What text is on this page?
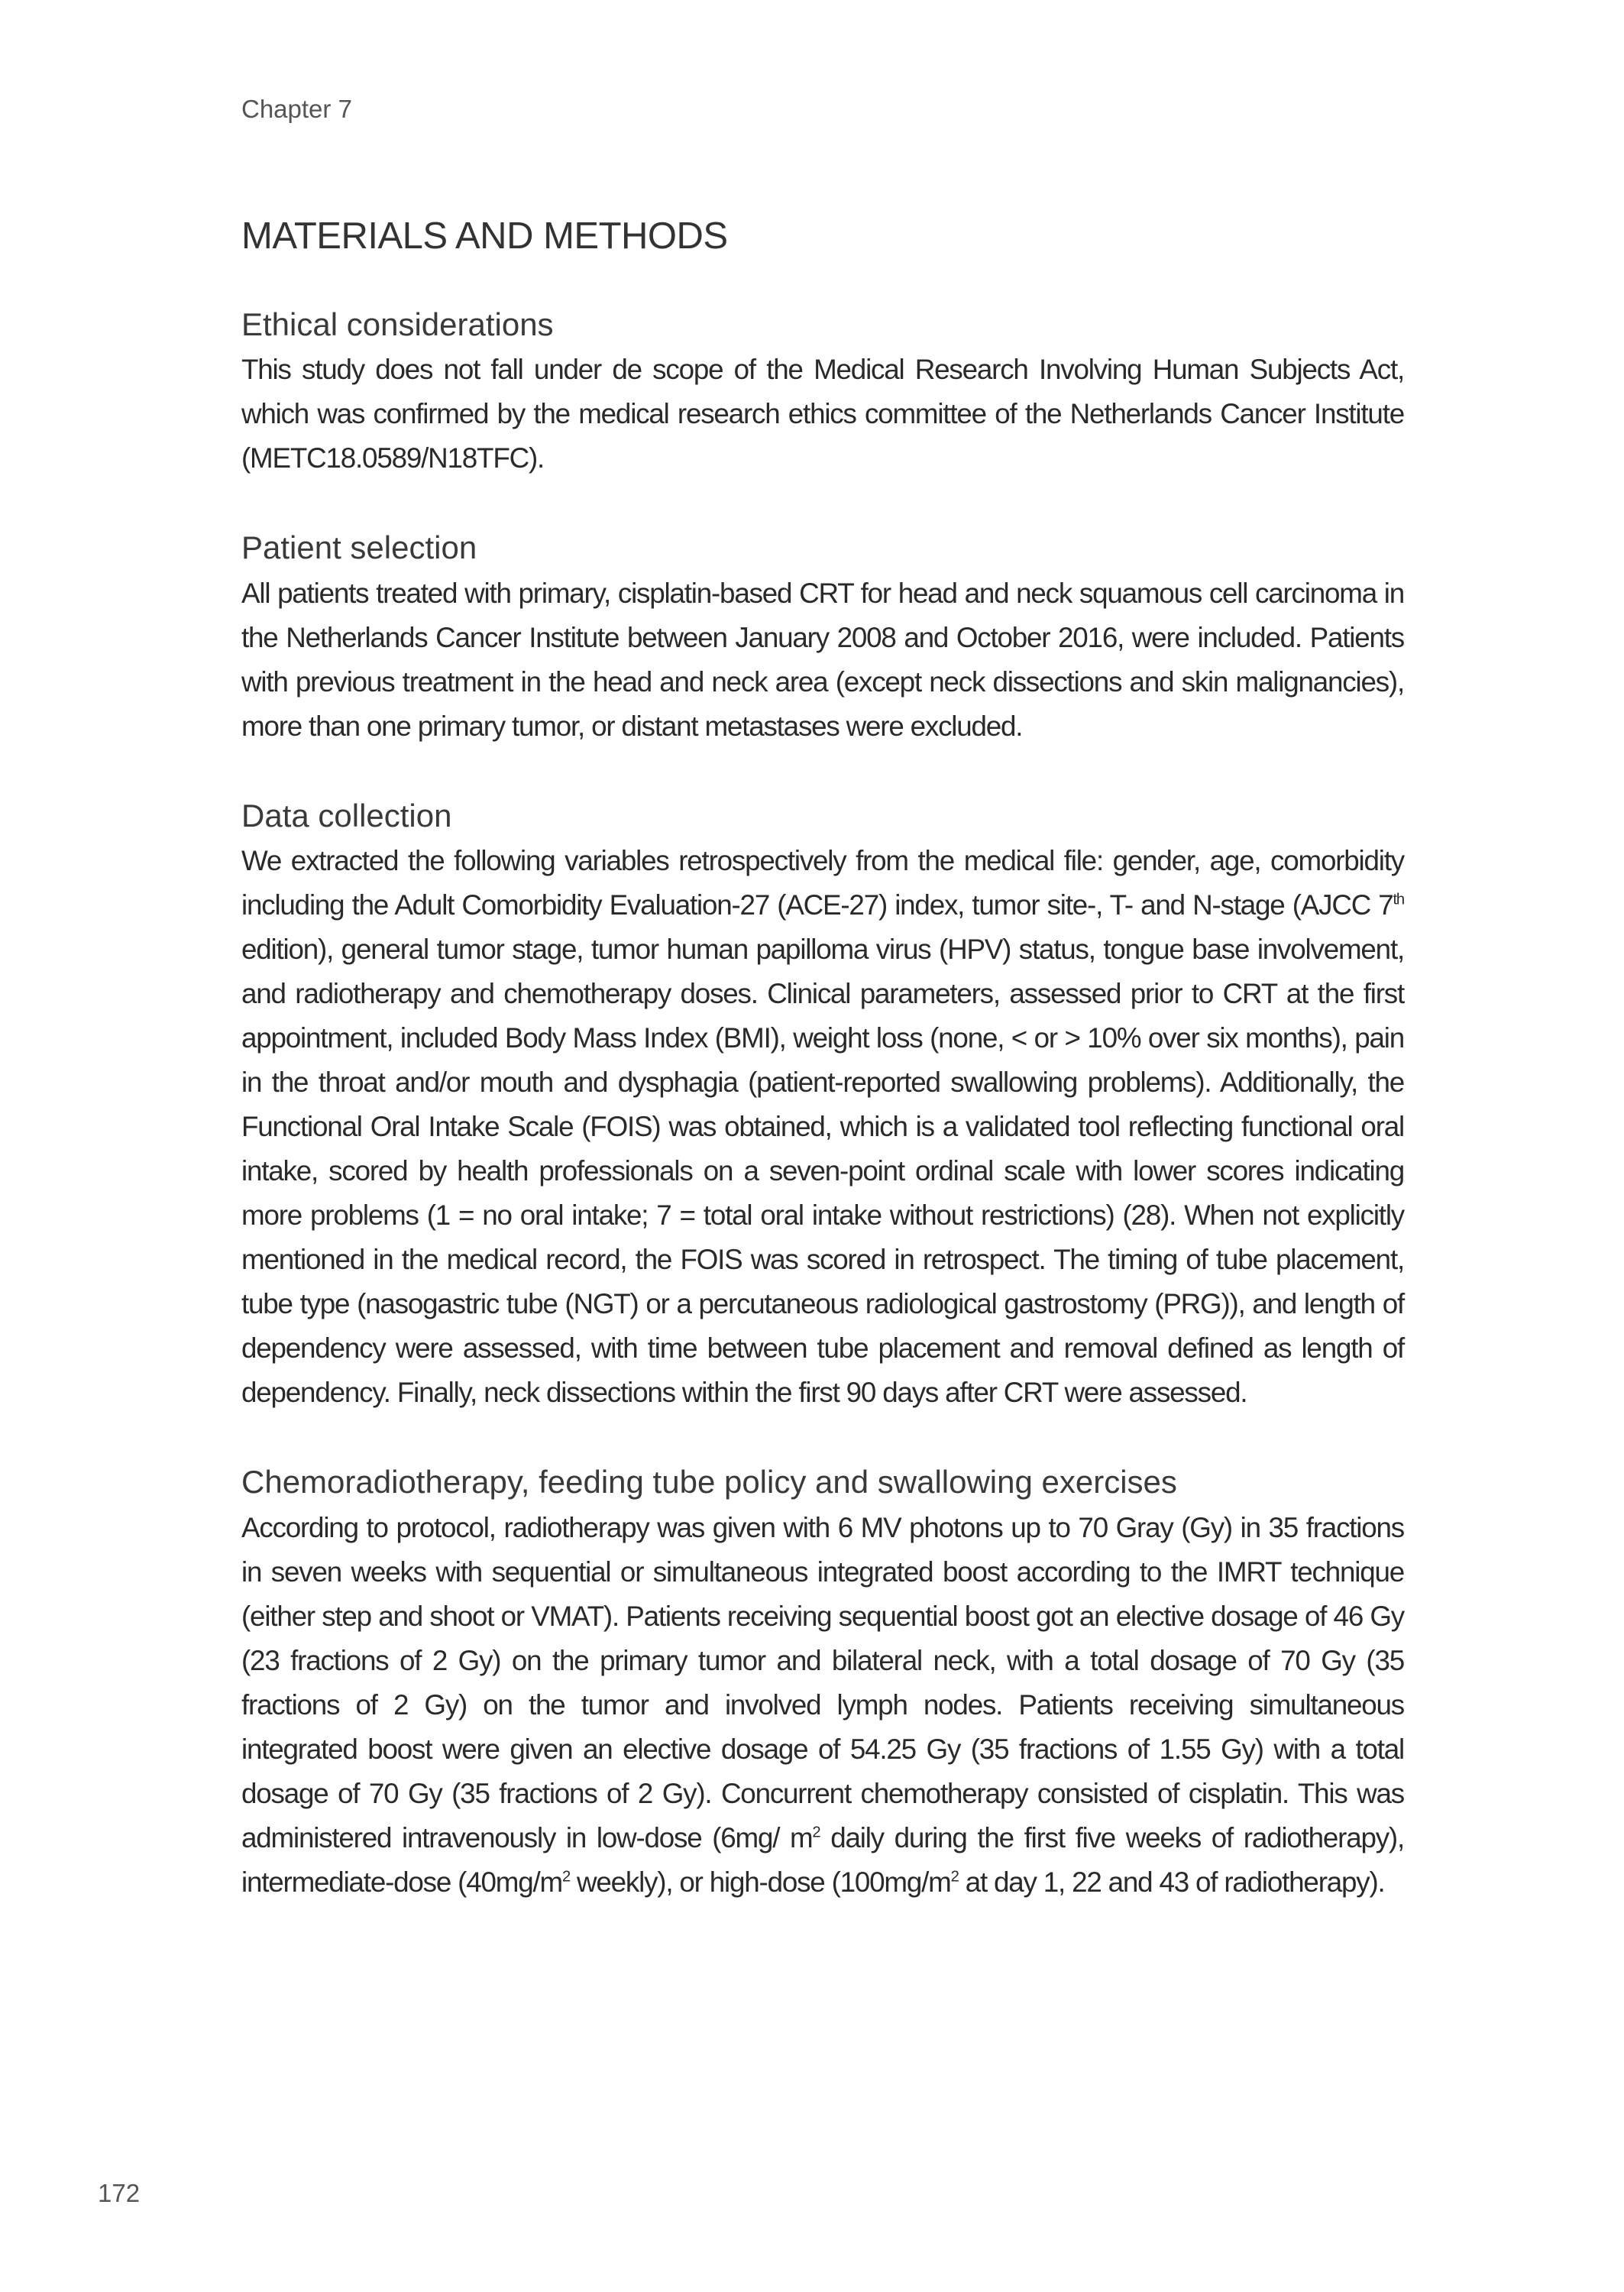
Chapter 7
MATERIALS AND METHODS
Ethical considerations

This study does not fall under de scope of the Medical Research Involving Human Subjects Act, which was confirmed by the medical research ethics committee of the Netherlands Cancer Institute (METC18.0589/N18TFC).

Patient selection

All patients treated with primary, cisplatin-based CRT for head and neck squamous cell carcinoma in the Netherlands Cancer Institute between January 2008 and October 2016, were included. Patients with previous treatment in the head and neck area (except neck dissections and skin malignancies), more than one primary tumor, or distant metastases were excluded.

Data collection

We extracted the following variables retrospectively from the medical file: gender, age, comorbidity including the Adult Comorbidity Evaluation-27 (ACE-27) index, tumor site-, T- and N-stage (AJCC 7th edition), general tumor stage, tumor human papilloma virus (HPV) status, tongue base involvement, and radiotherapy and chemotherapy doses. Clinical parameters, assessed prior to CRT at the first appointment, included Body Mass Index (BMI), weight loss (none, < or > 10% over six months), pain in the throat and/or mouth and dysphagia (patient-reported swallowing problems). Additionally, the Functional Oral Intake Scale (FOIS) was obtained, which is a validated tool reflecting functional oral intake, scored by health professionals on a seven-point ordinal scale with lower scores indicating more problems (1 = no oral intake; 7 = total oral intake without restrictions) (28). When not explicitly mentioned in the medical record, the FOIS was scored in retrospect. The timing of tube placement, tube type (nasogastric tube (NGT) or a percutaneous radiological gastrostomy (PRG)), and length of dependency were assessed, with time between tube placement and removal defined as length of dependency. Finally, neck dissections within the first 90 days after CRT were assessed.

Chemoradiotherapy, feeding tube policy and swallowing exercises

According to protocol, radiotherapy was given with 6 MV photons up to 70 Gray (Gy) in 35 fractions in seven weeks with sequential or simultaneous integrated boost according to the IMRT technique (either step and shoot or VMAT). Patients receiving sequential boost got an elective dosage of 46 Gy (23 fractions of 2 Gy) on the primary tumor and bilateral neck, with a total dosage of 70 Gy (35 fractions of 2 Gy) on the tumor and involved lymph nodes. Patients receiving simultaneous integrated boost were given an elective dosage of 54.25 Gy (35 fractions of 1.55 Gy) with a total dosage of 70 Gy (35 fractions of 2 Gy). Concurrent chemotherapy consisted of cisplatin. This was administered intravenously in low-dose (6mg/ $m^2$ daily during the first five weeks of radiotherapy), intermediate-dose ($40mg/m^2$ weekly), or high-dose ($100mg/m^2$ at day 1, 22 and 43 of radiotherapy).

172
